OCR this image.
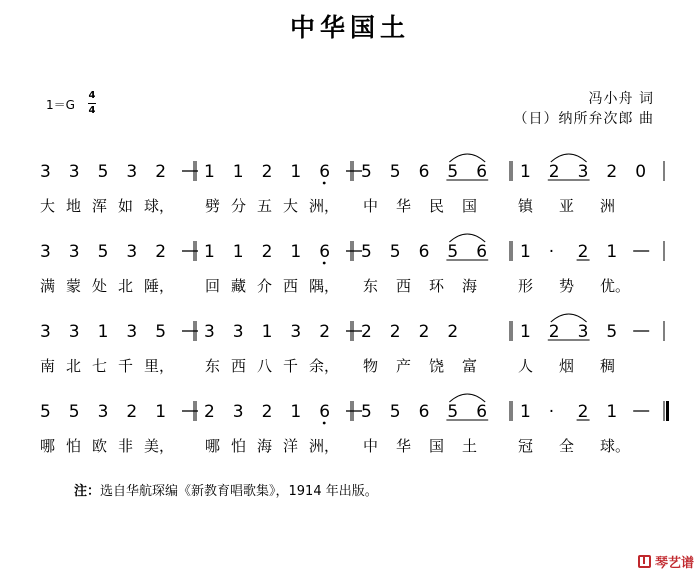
中华国土
1＝G
4
4
冯小舟 词
（日）纳所弁次郎 曲
3 3 5 3 2 1 1 2 1 6 5 5 6 5 6 1 2 3 2 0
大 地 浑 如 球， 劈 分 五 大 洲， 中 华 民 国	镇 亚 洲
3 3 5 3 2 1 1 2 1 6 5 5 6 5 6 1 · 2 1
满 蒙 处 北 陲， 回 藏 介 西 隅， 东 西 环 海	形 势 优。
3 3 1 3 5 3 3 1 3 2 2 2 2 2	1 2 3 5
南 北 七 千 里， 东 西 八 千 余， 物 产 饶 富	人 烟 稠
5 5 3 2 1 2 3 2 1 6 5 5 6 5 6 1 · 2 1
哪 怕 欧 非 美， 哪 怕 海 洋 洲， 中 华 国 土	冠 全 球。
注：选自华航琛编《新教育唱歌集》，1914 年出版。
琴艺谱
